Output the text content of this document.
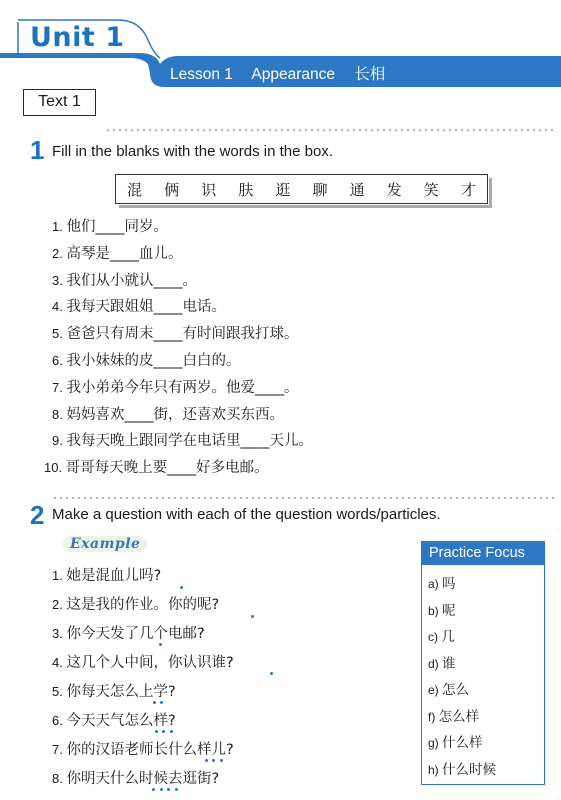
Unit 1
Lesson 1 Appearance 长相
Text 1
1 Fill in the blanks with the words in the box.
混 俩 识 肤 逛 聊 通 发 笑 才
1. 他们____同岁。
2. 高琴是____血儿。
3. 我们从小就认____。
4. 我每天跟姐姐____电话。
5. 爸爸只有周末____有时间跟我打球。
6. 我小妹妹的皮____白白的。
7. 我小弟弟今年只有两岁。他爱____。
8. 妈妈喜欢____街，还喜欢买东西。
9. 我每天晚上跟同学在电话里____天儿。
10. 哥哥每天晚上要____好多电邮。
2 Make a question with each of the question words/particles.
Example
1. 她是混血儿吗?
2. 这是我的作业。你的呢?
3. 你今天发了几个电邮?
4. 这几个人中间，你认识谁?
5. 你每天怎么上学?
6. 今天天气怎么样?
7. 你的汉语老师长什么样儿?
8. 你明天什么时候去逛街?
Practice Focus
a) 吗
b) 呢
c) 几
d) 谁
e) 怎么
f) 怎么样
g) 什么样
h) 什么时候
